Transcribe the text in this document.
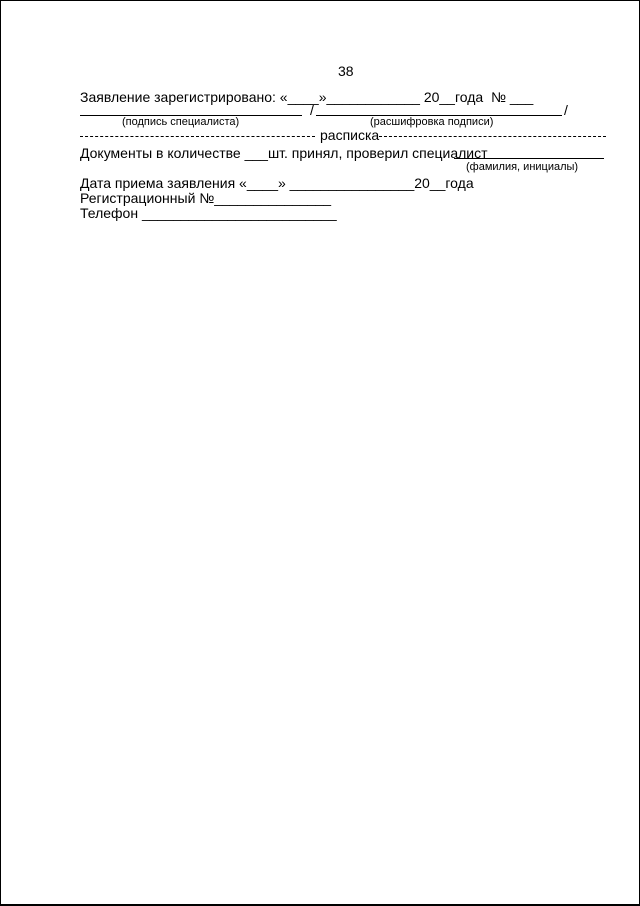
38
Заявление зарегистрировано: «____»____________ 20__года  № ___
/	/
(подпись специалиста)	(расшифровка подписи)
расписка
Документы в количестве ___шт. принял, проверил специалист
(фамилия, инициалы)
Дата приема заявления «____» ________________20__года
Регистрационный №_______________
Телефон _________________________
